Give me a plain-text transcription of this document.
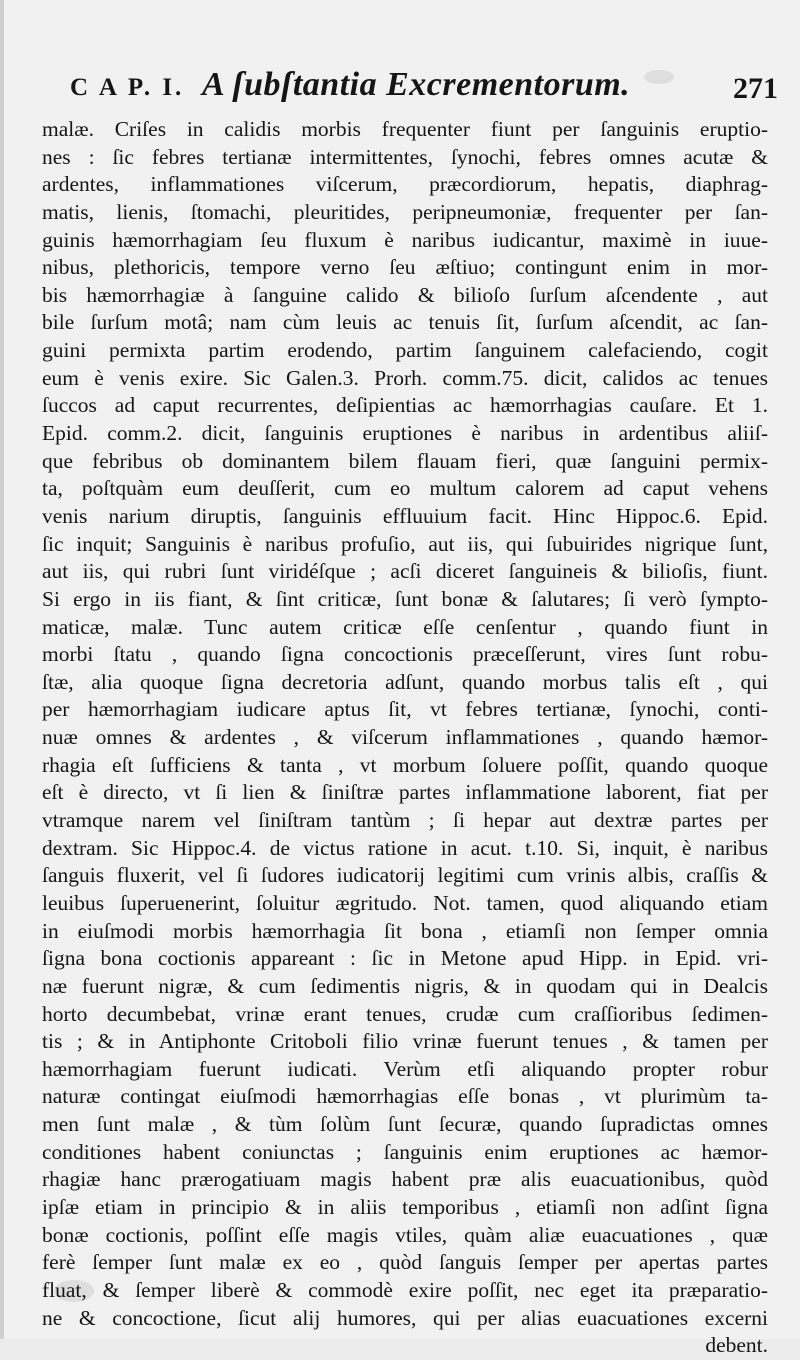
C A P. I. A ſubſtantia Excrementorum.	271
malæ. Criſes in calidis morbis frequenter fiunt per ſanguinis eruptio-
nes : ſic febres tertianæ intermittentes, ſynochi, febres omnes acutæ &
ardentes, inflammationes viſcerum, præcordiorum, hepatis, diaphrag-
matis, lienis, ſtomachi, pleuritides, peripneumoniæ, frequenter per ſan-
guinis hæmorrhagiam ſeu fluxum è naribus iudicantur, maximè in iuue-
nibus, plethoricis, tempore verno ſeu æſtiuo; contingunt enim in mor-
bis hæmorrhagiæ à ſanguine calido & bilioſo ſurſum aſcendente , aut
bile ſurſum motâ; nam cùm leuis ac tenuis ſit, ſurſum aſcendit, ac ſan-
guini permixta partim erodendo, partim ſanguinem calefaciendo, cogit
eum è venis exire. Sic Galen.3. Prorh. comm.75. dicit, calidos ac tenues
ſuccos ad caput recurrentes, deſipientias ac hæmorrhagias cauſare. Et 1.
Epid. comm.2. dicit, ſanguinis eruptiones è naribus in ardentibus aliiſ-
que febribus ob dominantem bilem flauam fieri, quæ ſanguini permix-
ta, poſtquàm eum deuſſerit, cum eo multum calorem ad caput vehens
venis narium diruptis, ſanguinis effluuium facit. Hinc Hippoc.6. Epid.
ſic inquit; Sanguinis è naribus profuſio, aut iis, qui ſubuirides nigrique ſunt,
aut iis, qui rubri ſunt viridéſque ; acſi diceret ſanguineis & bilioſis, fiunt.
Si ergo in iis fiant, & ſint criticæ, ſunt bonæ & ſalutares; ſi verò ſympto-
maticæ, malæ. Tunc autem criticæ eſſe cenſentur , quando fiunt in
morbi ſtatu , quando ſigna concoctionis præceſſerunt, vires ſunt robu-
ſtæ, alia quoque ſigna decretoria adſunt, quando morbus talis eſt , qui
per hæmorrhagiam iudicare aptus ſit, vt febres tertianæ, ſynochi, conti-
nuæ omnes & ardentes , & viſcerum inflammationes , quando hæmor-
rhagia eſt ſufficiens & tanta , vt morbum ſoluere poſſit, quando quoque
eſt è directo, vt ſi lien & ſiniſtræ partes inflammatione laborent, fiat per
vtramque narem vel ſiniſtram tantùm ; ſi hepar aut dextræ partes per
dextram. Sic Hippoc.4. de victus ratione in acut. t.10. Si, inquit, è naribus
ſanguis fluxerit, vel ſi ſudores iudicatorij legitimi cum vrinis albis, craſſis &
leuibus ſuperuenerint, ſoluitur ægritudo. Not. tamen, quod aliquando etiam
in eiuſmodi morbis hæmorrhagia ſit bona , etiamſi non ſemper omnia
ſigna bona coctionis appareant : ſic in Metone apud Hipp. in Epid. vri-
næ fuerunt nigræ, & cum ſedimentis nigris, & in quodam qui in Dealcis
horto decumbebat, vrinæ erant tenues, crudæ cum craſſioribus ſedimen-
tis ; & in Antiphonte Critoboli filio vrinæ fuerunt tenues , & tamen per
hæmorrhagiam fuerunt iudicati. Verùm etſi aliquando propter robur
naturæ contingat eiuſmodi hæmorrhagias eſſe bonas , vt plurimùm ta-
men ſunt malæ , & tùm ſolùm ſunt ſecuræ, quando ſupradictas omnes
conditiones habent coniunctas ; ſanguinis enim eruptiones ac hæmor-
rhagiæ hanc prærogatiuam magis habent præ alis euacuationibus, quòd
ipſæ etiam in principio & in aliis temporibus , etiamſi non adſint ſigna
bonæ coctionis, poſſint eſſe magis vtiles, quàm aliæ euacuationes , quæ
ferè ſemper ſunt malæ ex eo , quòd ſanguis ſemper per apertas partes
fluat, & ſemper liberè & commodè exire poſſit, nec eget ita præparatio-
ne & concoctione, ſicut alij humores, qui per alias euacuationes excerni
debent.
